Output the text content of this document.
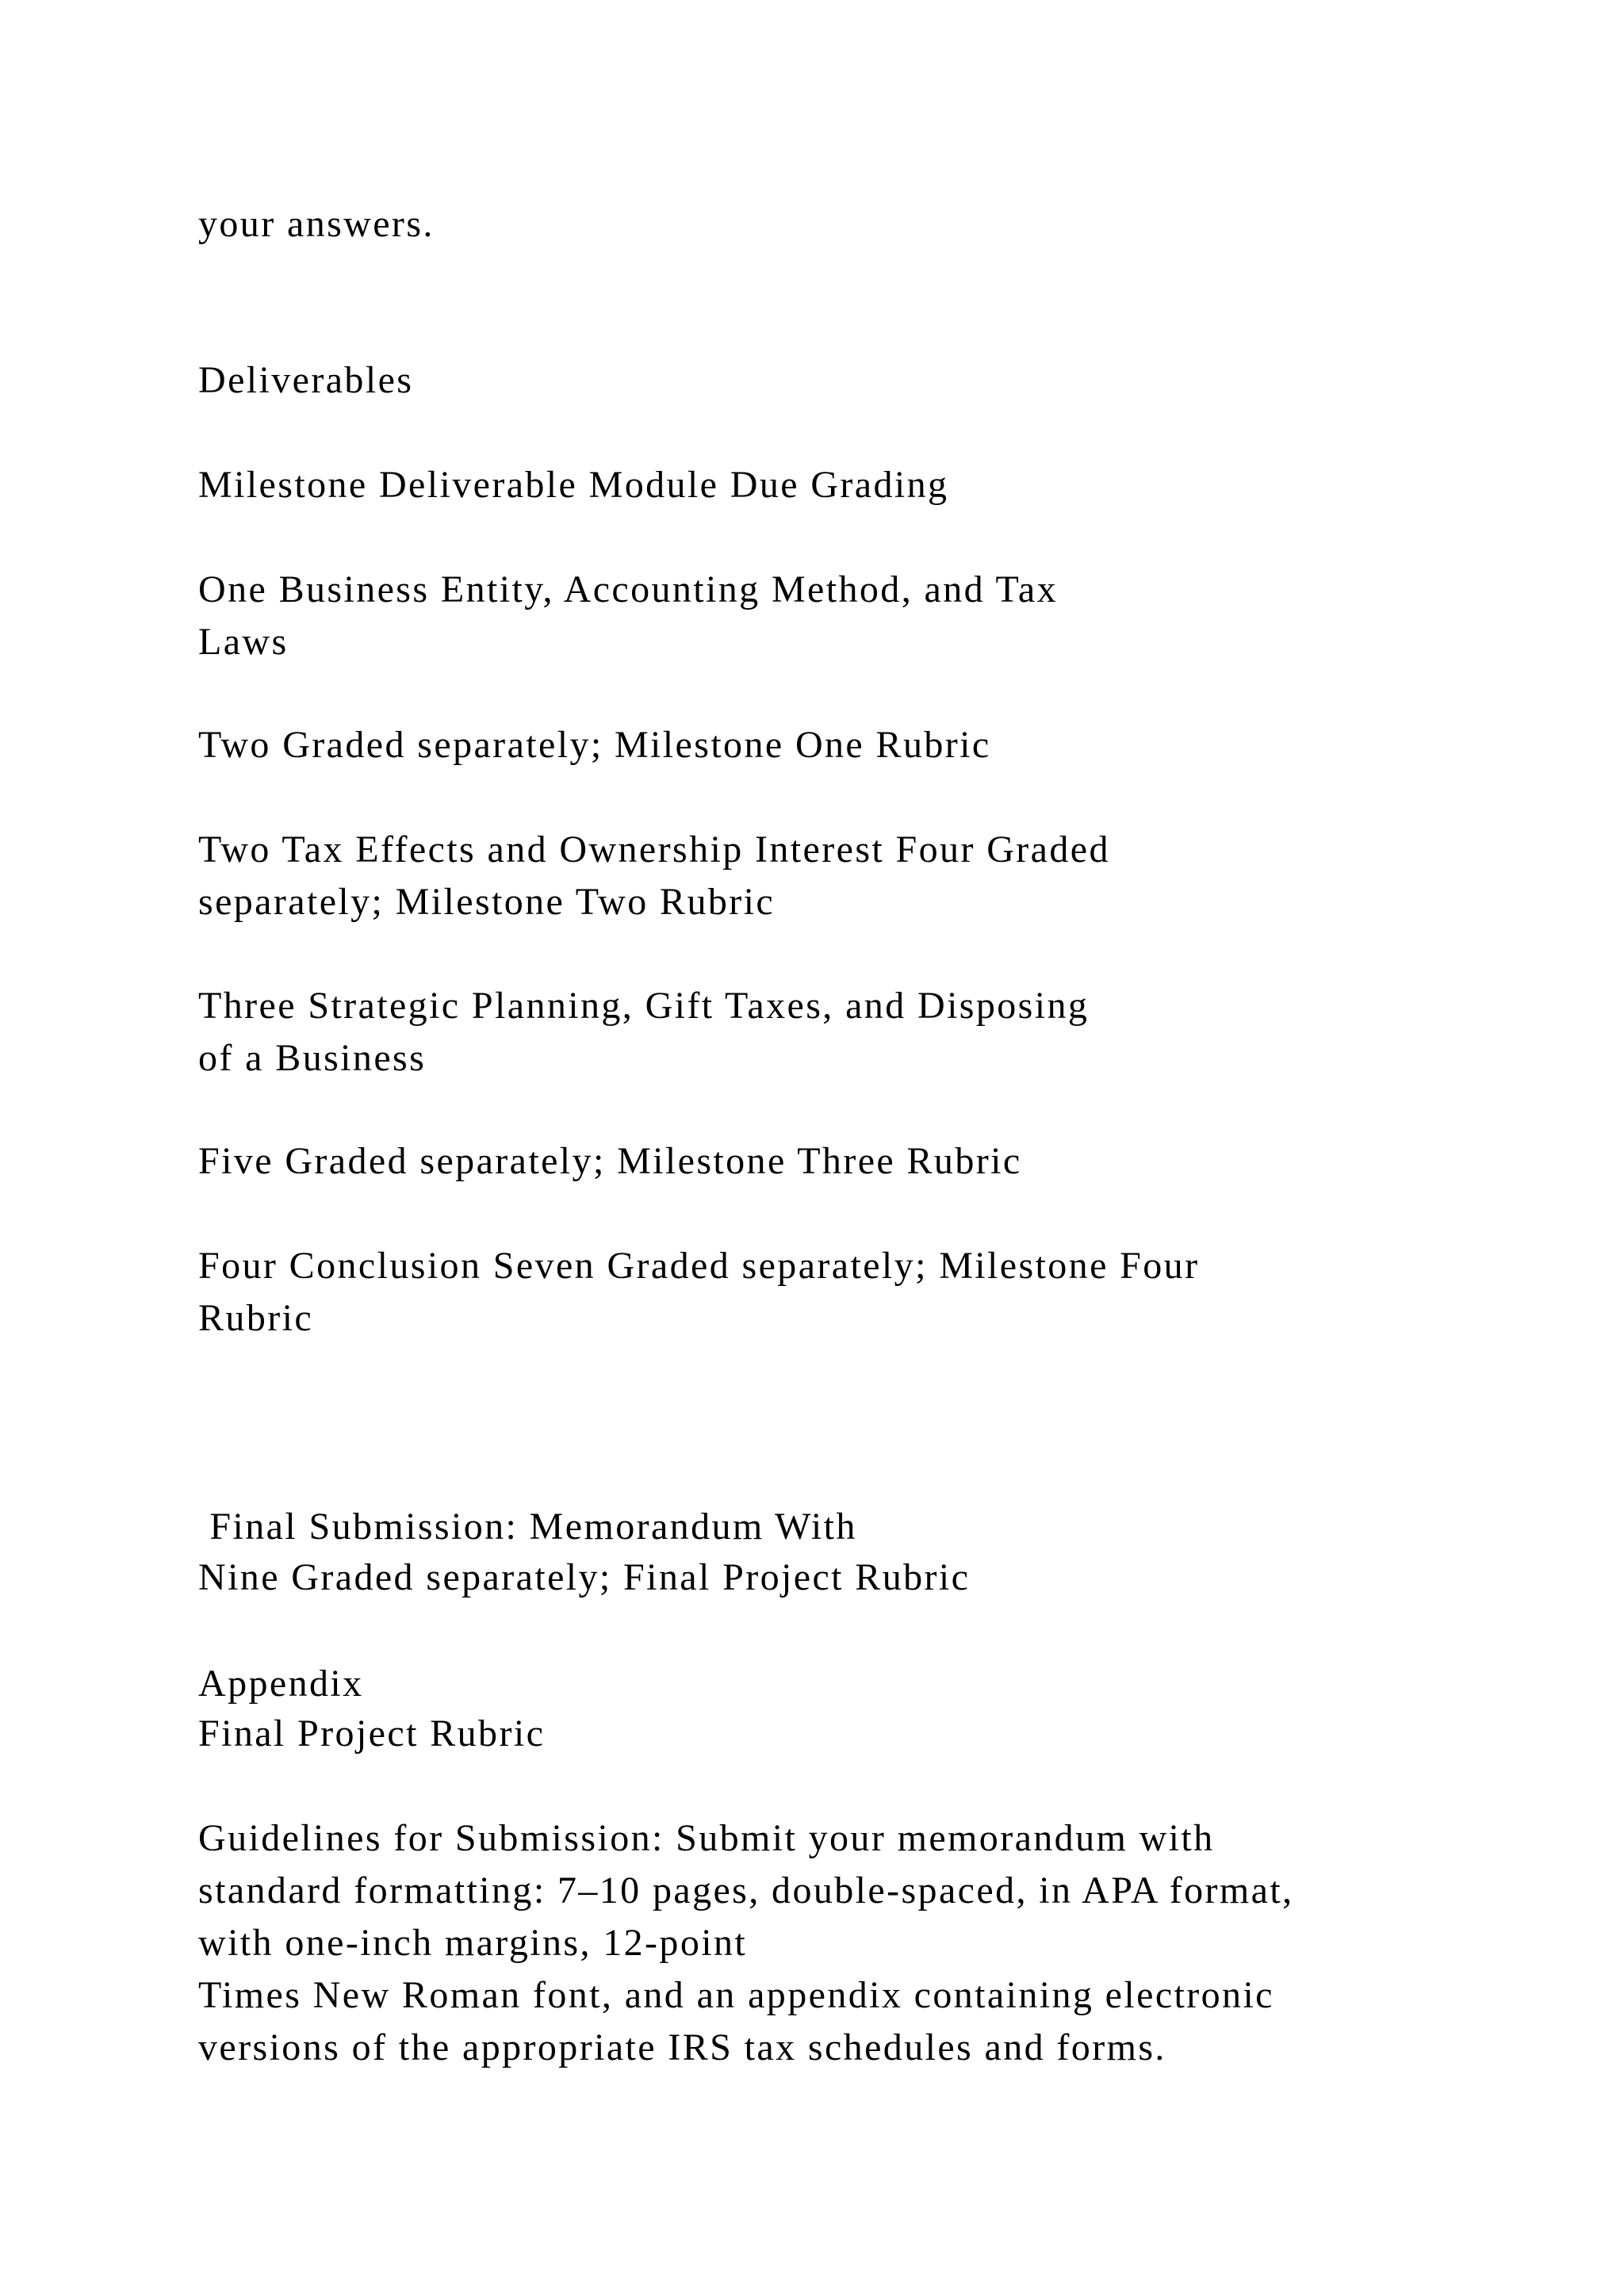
your answers.

Deliverables

Milestone Deliverable Module Due Grading

One Business Entity, Accounting Method, and Tax
Laws

Two Graded separately; Milestone One Rubric

Two Tax Effects and Ownership Interest Four Graded
separately; Milestone Two Rubric

Three Strategic Planning, Gift Taxes, and Disposing
of a Business

Five Graded separately; Milestone Three Rubric

Four Conclusion Seven Graded separately; Milestone Four
Rubric

Final Submission: Memorandum With

Appendix

Nine Graded separately; Final Project Rubric

Final Project Rubric

Guidelines for Submission: Submit your memorandum with
standard formatting: 7–10 pages, double-spaced, in APA format,
with one-inch margins, 12-point
Times New Roman font, and an appendix containing electronic
versions of the appropriate IRS tax schedules and forms.
